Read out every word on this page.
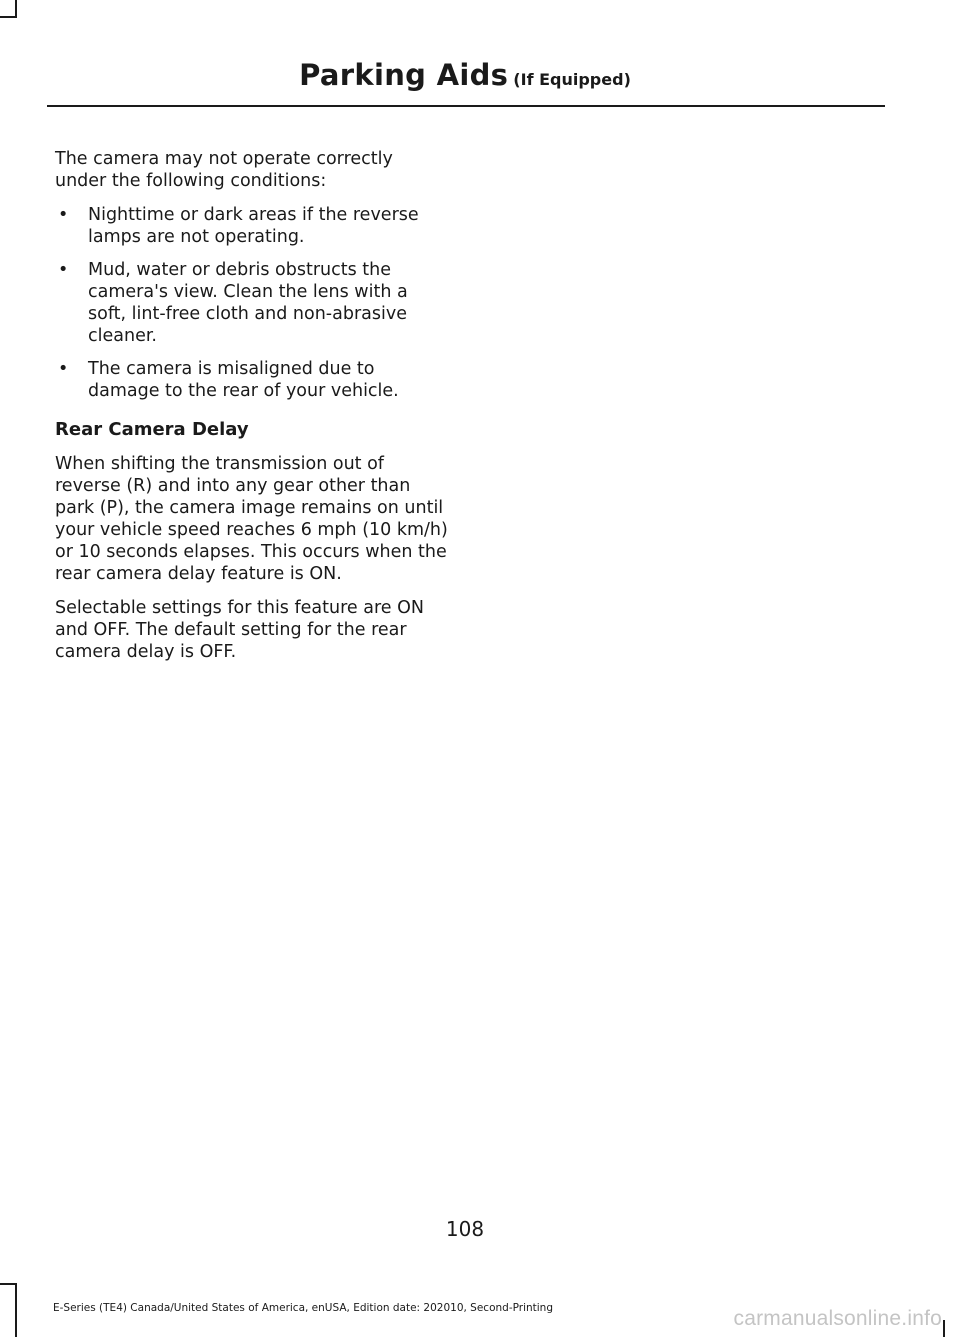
Parking Aids (If Equipped)

The camera may not operate correctly under the following conditions:

• Nighttime or dark areas if the reverse lamps are not operating.
• Mud, water or debris obstructs the camera's view. Clean the lens with a soft, lint-free cloth and non-abrasive cleaner.
• The camera is misaligned due to damage to the rear of your vehicle.
Rear Camera Delay

When shifting the transmission out of reverse (R) and into any gear other than park (P), the camera image remains on until your vehicle speed reaches 6 mph (10 km/h) or 10 seconds elapses. This occurs when the rear camera delay feature is ON.

Selectable settings for this feature are ON and OFF. The default setting for the rear camera delay is OFF.

108
E-Series (TE4) Canada/United States of America, enUSA, Edition date: 202010, Second-Printing	carmanualsonline.info
